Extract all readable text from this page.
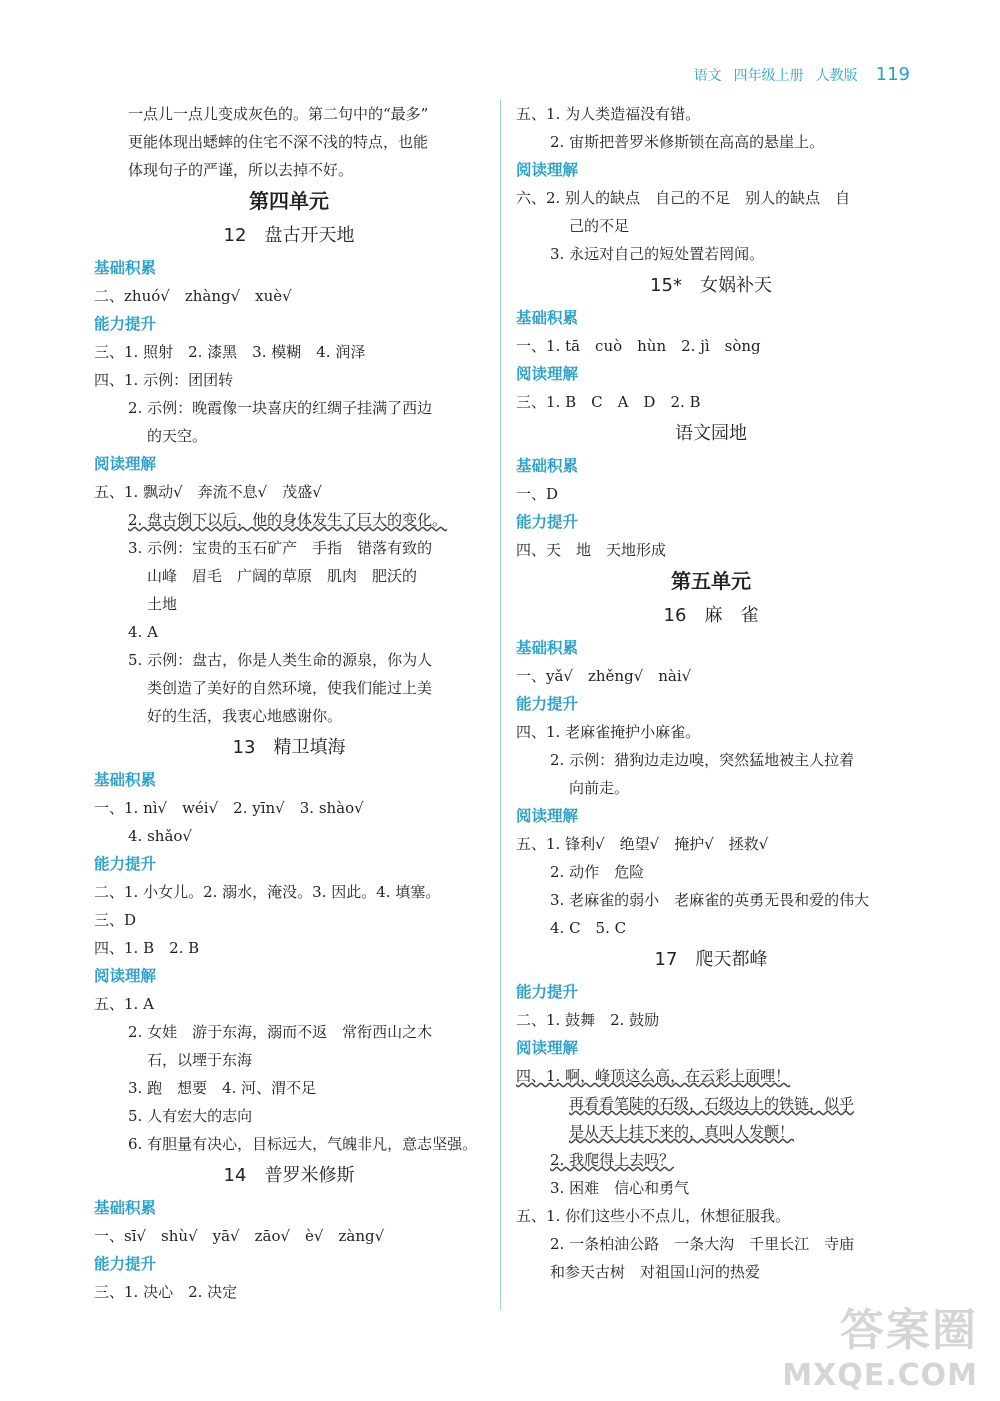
语文 四年级上册 人教版 119
一点儿一点儿变成灰色的。第二句中的“最多”
更能体现出蟋蟀的住宅不深不浅的特点，也能
体现句子的严谨，所以去掉不好。
第四单元
12 盘古开天地
基础积累
二、zhuó√　zhàng√　xuè√
能力提升
三、1. 照射　2. 漆黑　3. 模糊　4. 润泽
四、1. 示例：团团转
2. 示例：晚霞像一块喜庆的红绸子挂满了西边
的天空。
阅读理解
五、1. 飘动√　奔流不息√　茂盛√
2. 盘古倒下以后，他的身体发生了巨大的变化。
3. 示例：宝贵的玉石矿产　手指　错落有致的
山峰　眉毛　广阔的草原　肌肉　肥沃的
土地
4. A
5. 示例：盘古，你是人类生命的源泉，你为人
类创造了美好的自然环境，使我们能过上美
好的生活，我衷心地感谢你。
13 精卫填海
基础积累
一、1. nì√　wéi√　2. yīn√　3. shào√
4. shǎo√
能力提升
二、1. 小女儿。2. 溺水，淹没。3. 因此。4. 填塞。
三、D
四、1. B　2. B
阅读理解
五、1. A
2. 女娃　游于东海，溺而不返　常衔西山之木
石，以堙于东海
3. 跑　想要　4. 河、渭不足
5. 人有宏大的志向
6. 有胆量有决心，目标远大，气魄非凡，意志坚强。
14 普罗米修斯
基础积累
一、sī√　shù√　yā√　zāo√　è√　zàng√
能力提升
三、1. 决心　2. 决定
五、1. 为人类造福没有错。
2. 宙斯把普罗米修斯锁在高高的悬崖上。
阅读理解
六、2. 别人的缺点　自己的不足　别人的缺点　自
己的不足
3. 永远对自己的短处置若罔闻。
15* 女娲补天
基础积累
一、1. tā　cuò　hùn　2. jì　sòng
阅读理解
三、1. B　C　A　D　2. B
语文园地
基础积累
一、D
能力提升
四、天　地　天地形成
第五单元
16 麻　雀
基础积累
一、yǎ√　zhěng√　nài√
能力提升
四、1. 老麻雀掩护小麻雀。
2. 示例：猎狗边走边嗅，突然猛地被主人拉着
向前走。
阅读理解
五、1. 锋利√　绝望√　掩护√　拯救√
2. 动作　危险
3. 老麻雀的弱小　老麻雀的英勇无畏和爱的伟大
4. C　5. C
17 爬天都峰
能力提升
二、1. 鼓舞　2. 鼓励
阅读理解
四、1. 啊，峰顶这么高，在云彩上面哩！
再看看笔陡的石级，石级边上的铁链，似乎
是从天上挂下来的，真叫人发颤！
2. 我爬得上去吗？
3. 困难　信心和勇气
五、1. 你们这些小不点儿，休想征服我。
2. 一条柏油公路　一条大沟　千里长江　寺庙
和参天古树　对祖国山河的热爱
答案圈
MXQE.COM
